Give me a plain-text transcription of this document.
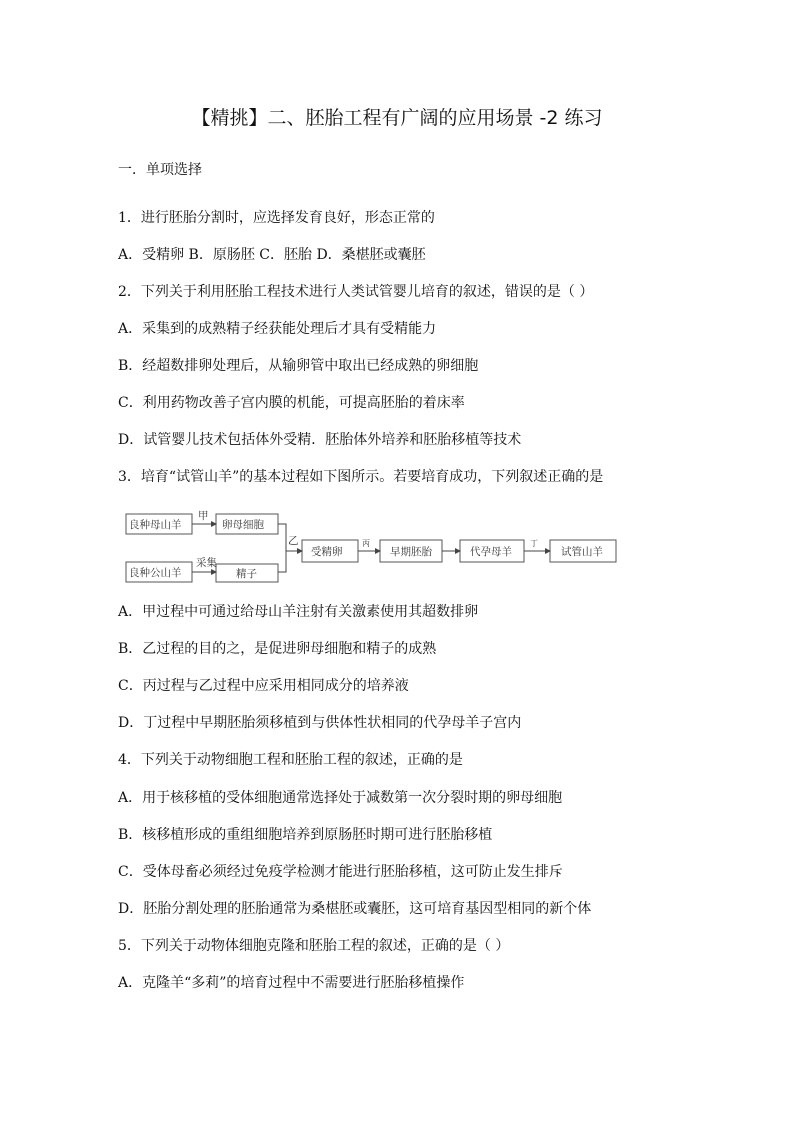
【精挑】二、胚胎工程有广阔的应用场景 -2 练习
一．单项选择
1．进行胚胎分割时，应选择发育良好，形态正常的
A．受精卵 B．原肠胚 C．胚胎 D．桑椹胚或囊胚
2．下列关于利用胚胎工程技术进行人类试管婴儿培育的叙述，错误的是（ ）
A．采集到的成熟精子经获能处理后才具有受精能力
B．经超数排卵处理后，从输卵管中取出已经成熟的卵细胞
C．利用药物改善子宫内膜的机能，可提高胚胎的着床率
D．试管婴儿技术包括体外受精．胚胎体外培养和胚胎移植等技术
3．培育“试管山羊”的基本过程如下图所示。若要培育成功，下列叙述正确的是
良种母山羊	卵母细胞
良种公山羊	精子
受精卵	早期胚胎	代孕母羊	试管山羊
甲
采集
乙	丙	丁
A．甲过程中可通过给母山羊注射有关激素使用其超数排卵
B．乙过程的目的之，是促进卵母细胞和精子的成熟
C．丙过程与乙过程中应采用相同成分的培养液
D．丁过程中早期胚胎须移植到与供体性状相同的代孕母羊子宫内
4．下列关于动物细胞工程和胚胎工程的叙述，正确的是
A．用于核移植的受体细胞通常选择处于减数第一次分裂时期的卵母细胞
B．核移植形成的重组细胞培养到原肠胚时期可进行胚胎移植
C．受体母畜必须经过免疫学检测才能进行胚胎移植，这可防止发生排斥
D．胚胎分割处理的胚胎通常为桑椹胚或囊胚，这可培育基因型相同的新个体
5．下列关于动物体细胞克隆和胚胎工程的叙述，正确的是（ ）
A．克隆羊“多莉”的培育过程中不需要进行胚胎移植操作
